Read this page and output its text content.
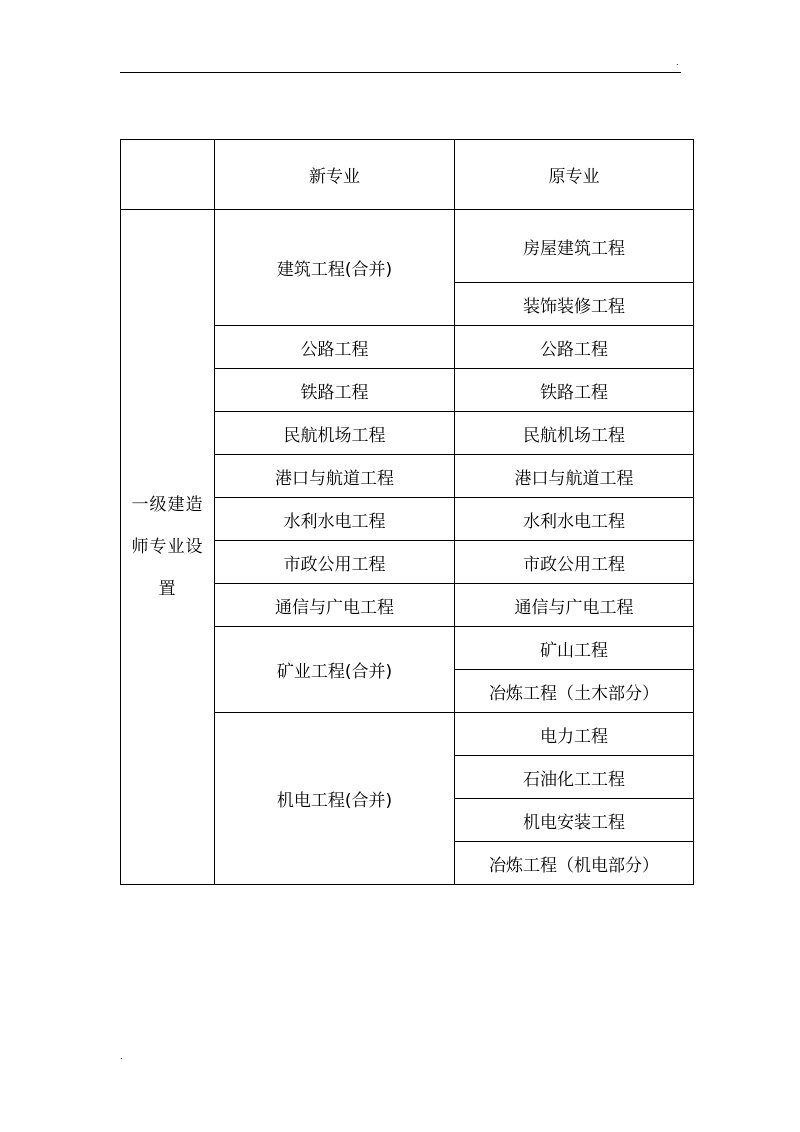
.
	新专业	原专业

一级建造师专业设置	建筑工程(合并)	房屋建筑工程
		装饰装修工程
	公路工程	公路工程
	铁路工程	铁路工程
	民航机场工程	民航机场工程
	港口与航道工程	港口与航道工程
	水利水电工程	水利水电工程
	市政公用工程	市政公用工程
	通信与广电工程	通信与广电工程
	矿业工程(合并)	矿山工程
		冶炼工程（土木部分）
	机电工程(合并)	电力工程
		石油化工工程
		机电安装工程
		冶炼工程（机电部分）
.
